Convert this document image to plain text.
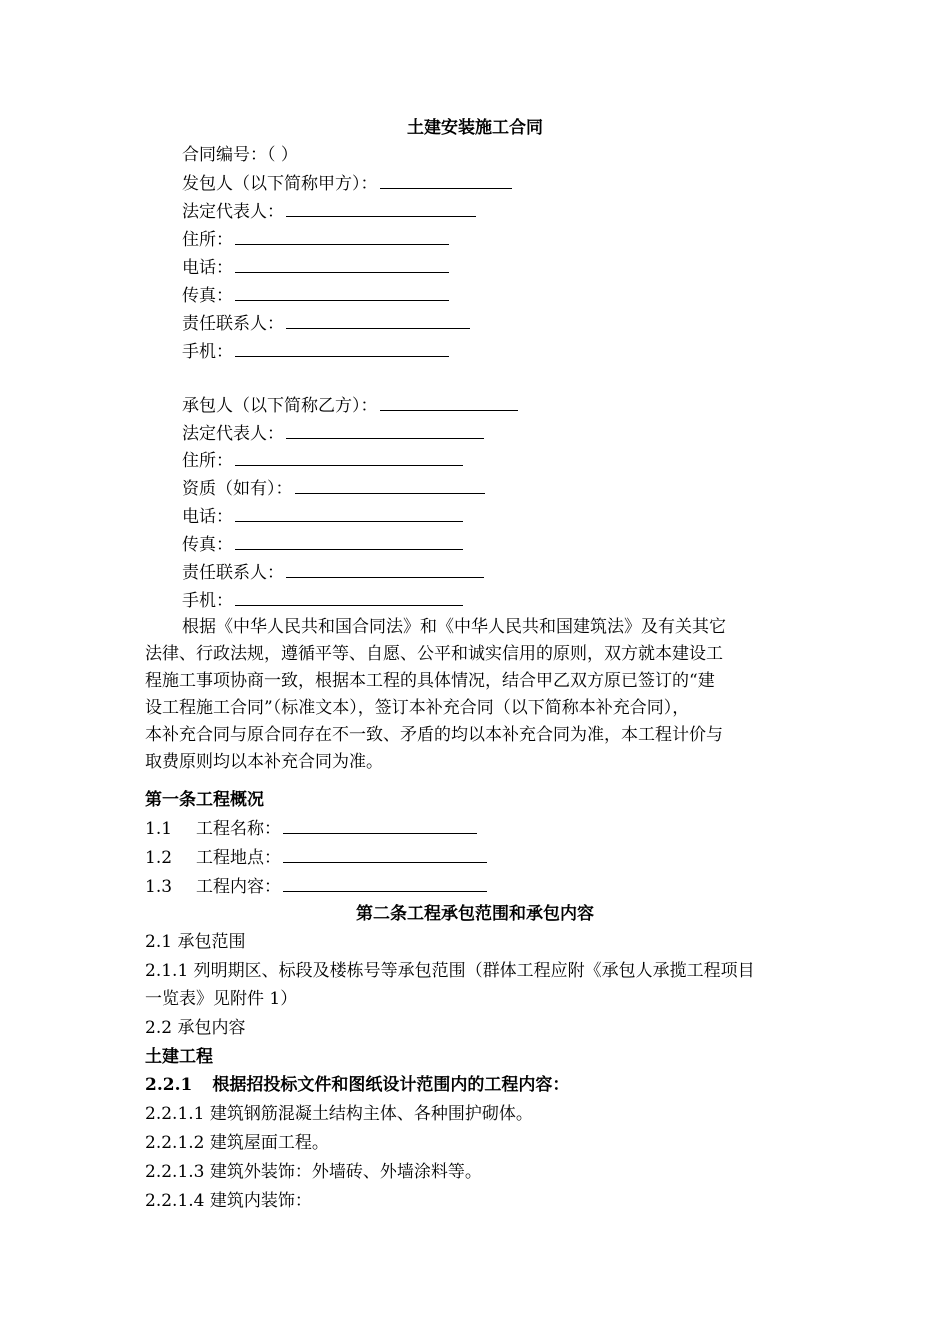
土建安装施工合同
合同编号：（ ）
发包人（以下简称甲方）：
法定代表人：
住所：
电话：
传真：
责任联系人：
手机：
承包人（以下简称乙方）：
法定代表人：
住所：
资质（如有）：
电话：
传真：
责任联系人：
手机：
根据《中华人民共和国合同法》和《中华人民共和国建筑法》及有关其它
法律、行政法规，遵循平等、自愿、公平和诚实信用的原则，双方就本建设工
程施工事项协商一致，根据本工程的具体情况，结合甲乙双方原已签订的“建
设工程施工合同”（标准文本），签订本补充合同（以下简称本补充合同），
本补充合同与原合同存在不一致、矛盾的均以本补充合同为准，本工程计价与
取费原则均以本补充合同为准。
第一条工程概况
1.1 工程名称：
1.2 工程地点：
1.3 工程内容：
第二条工程承包范围和承包内容
2.1 承包范围
2.1.1 列明期区、标段及楼栋号等承包范围（群体工程应附《承包人承揽工程项目
一览表》见附件 1）
2.2 承包内容
土建工程
2.2.1 根据招投标文件和图纸设计范围内的工程内容：
2.2.1.1 建筑钢筋混凝土结构主体、各种围护砌体。
2.2.1.2 建筑屋面工程。
2.2.1.3 建筑外装饰：外墙砖、外墙涂料等。
2.2.1.4 建筑内装饰：
